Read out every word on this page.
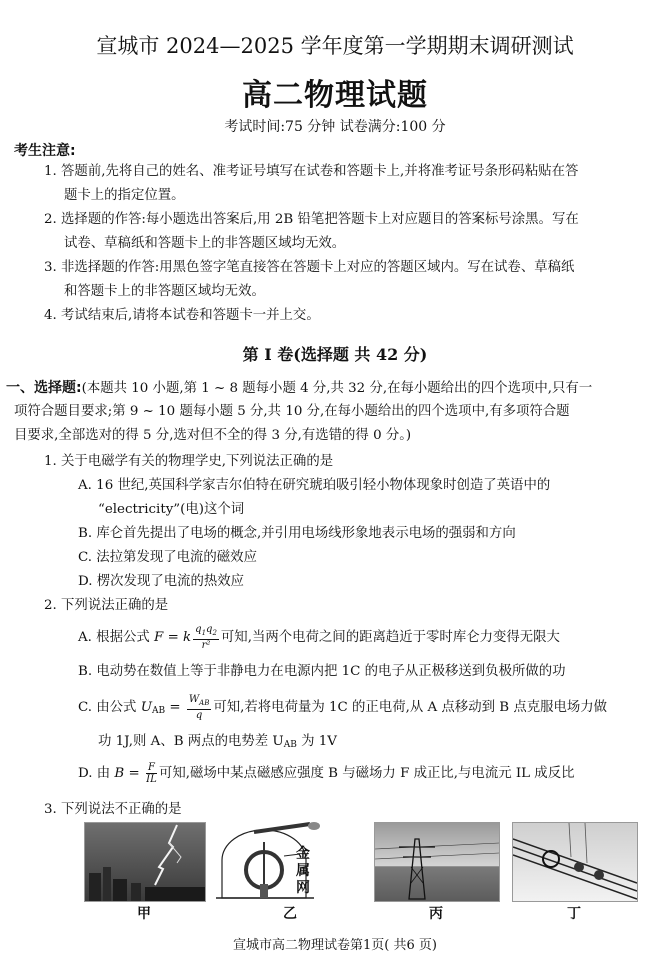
宣城市 2024—2025 学年度第一学期期末调研测试
高二物理试题
考试时间:75 分钟 试卷满分:100 分
考生注意:
1. 答题前,先将自己的姓名、准考证号填写在试卷和答题卡上,并将准考证号条形码粘贴在答
题卡上的指定位置。
2. 选择题的作答:每小题选出答案后,用 2B 铅笔把答题卡上对应题目的答案标号涂黑。写在
试卷、草稿纸和答题卡上的非答题区域均无效。
3. 非选择题的作答:用黑色签字笔直接答在答题卡上对应的答题区域内。写在试卷、草稿纸
和答题卡上的非答题区域均无效。
4. 考试结束后,请将本试卷和答题卡一并上交。
第 Ⅰ 卷(选择题 共 42 分)
一、选择题:(本题共 10 小题,第 1 ~ 8 题每小题 4 分,共 32 分,在每小题给出的四个选项中,只有一
项符合题目要求;第 9 ~ 10 题每小题 5 分,共 10 分,在每小题给出的四个选项中,有多项符合题
目要求,全部选对的得 5 分,选对但不全的得 3 分,有选错的得 0 分。)
1. 关于电磁学有关的物理学史,下列说法正确的是
A. 16 世纪,英国科学家吉尔伯特在研究琥珀吸引轻小物体现象时创造了英语中的
“electricity”(电)这个词
B. 库仑首先提出了电场的概念,并引用电场线形象地表示电场的强弱和方向
C. 法拉第发现了电流的磁效应
D. 楞次发现了电流的热效应
2. 下列说法正确的是
A. 根据公式 F = k $\frac{q_1q_2}{\text{r²}}$ 可知,当两个电荷之间的距离趋近于零时库仑力变得无限大
B. 电动势在数值上等于非静电力在电源内把 1C 的电子从正极移送到负极所做的功
C. 由公式 $U_{AB} = \frac{W_{AB}}{q}$ 可知,若将电荷量为 1C 的正电荷,从 A 点移动到 B 点克服电场力做
功 1J,则 A、B 两点的电势差 $U_{AB}$ 为 1V
D. 由 $B = \frac{F}{IL}$ 可知,磁场中某点磁感应强度 B 与磁场力 F 成正比,与电流元 IL 成反比
3. 下列说法不正确的是
甲
金
属
网
乙	丙	丁
宣城市高二物理试卷第1页( 共6 页)
